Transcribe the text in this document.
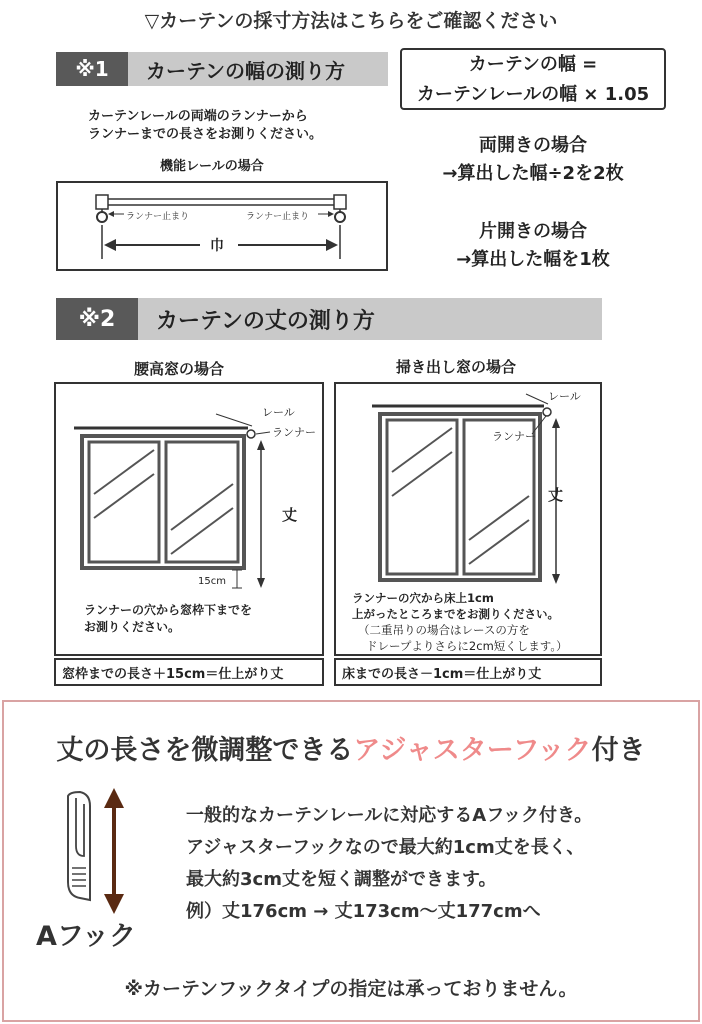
▽カーテンの採寸方法はこちらをご確認ください
※1	カーテンの幅の測り方
カーテンレールの両端のランナーから
ランナーまでの長さをお測りください。
機能レールの場合
ランナー止まり	ランナー止まり
巾
カーテンの幅 =
カーテンレールの幅 × 1.05
両開きの場合
→算出した幅÷2を2枚
片開きの場合
→算出した幅を1枚
※2	カーテンの丈の測り方
腰高窓の場合
レール
ランナー
丈
15cm
ランナーの穴から窓枠下までを
お測りください。
窓枠までの長さ＋15cm＝仕上がり丈
掃き出し窓の場合
レール
ランナー
丈
ランナーの穴から床上1cm
上がったところまでをお測りください。
（二重吊りの場合はレースの方を
ドレープよりさらに2cm短くします。）
床までの長さ－1cm＝仕上がり丈
丈の長さを微調整できるアジャスターフック付き
Aフック
一般的なカーテンレールに対応するAフック付き。
アジャスターフックなので最大約1cm丈を長く、
最大約3cm丈を短く調整ができます。
例）丈176cm → 丈173cm～丈177cmへ
※カーテンフックタイプの指定は承っておりません。
